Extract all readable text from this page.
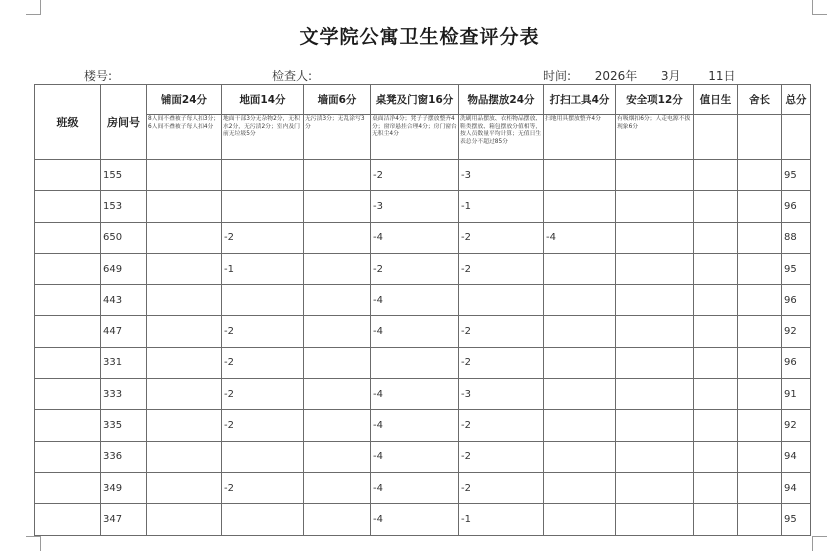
文学院公寓卫生检查评分表
楼号:	检查人:	时间: 2026年 3月 11日
班级	房间号	铺面24分	地面14分	墙面6分	桌凳及门窗16分	物品摆放24分	打扫工具4分	安全项12分	值日生	舍长	总分
		8人间不叠被子每人扣3分；6人间不叠被子每人扣4分	地面干部3分无杂物2分，无积水2分，无污渍2分；室内及门前无垃圾5分	无污渍3分；无乱涂写3分	桌面洁净4分；凳子子摆放整齐4分；窗帘悬挂合理4分；房门窗台无积尘4分	洗刷用品摆放、衣柜物品摆放、鞋类摆放、箱包摆放分值相等，按人员数量平均计算；无值日生表总分不超过85分	扫地用具摆放整齐4分	有吸烟扣6分；人走电源不拔现象6分			
	155				-2	-3					95
	153				-3	-1					96
	650		-2		-4	-2	-4				88
	649		-1		-2	-2					95
	443				-4						96
	447		-2		-4	-2					92
	331		-2			-2					96
	333		-2		-4	-3					91
	335		-2		-4	-2					92
	336				-4	-2					94
	349		-2		-4	-2					94
	347				-4	-1					95
